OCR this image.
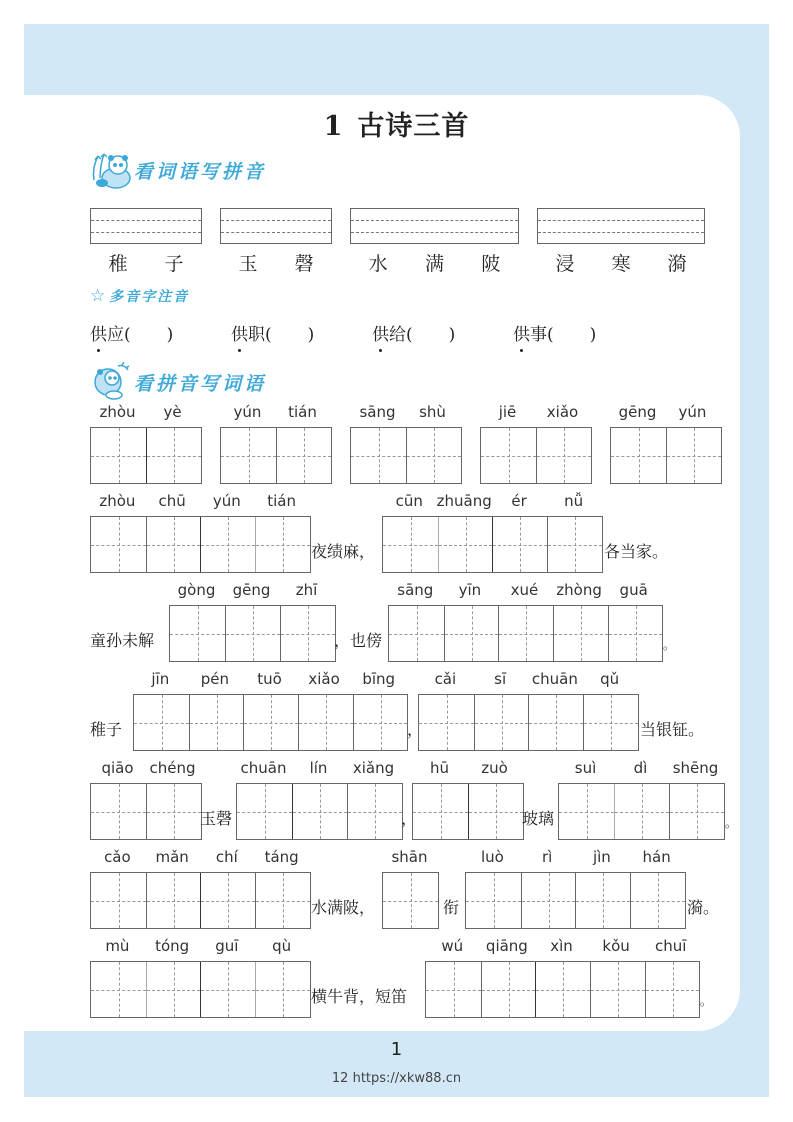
1 古诗三首
看词语写拼音
稚 子	玉 磬	水 满 陂	浸 寒 漪
☆ 多音字注音
供应( )	供职( )	供给( )	供事( )
看拼音写词语
zhòu	yè	yún	tián	sāng	shù	jiē	xiǎo	gēng	yún
zhòu	chū	yún	tián
夜绩麻，
cūn zhuāng	ér	nǚ
各当家。
童孙未解
gòng	gēng	zhī
，也傍
sāng	yīn	xué	zhòng	guā
。
稚子
jīn	pén	tuō	xiǎo	bīng
，
cǎi	sī	chuān	qǔ
当银钲。
qiāo	chéng
玉磬
chuān	lín	xiǎng
，
hū	zuò
玻璃
suì	dì	shēng
。
cǎo	mǎn	chí	táng
水满陂，
shān
衔
luò	rì	jìn	hán
漪。
mù	tóng	guī	qù
横牛背，短笛
wú	qiāng	xìn	kǒu	chuī
。
1
12 https://xkw88.cn
